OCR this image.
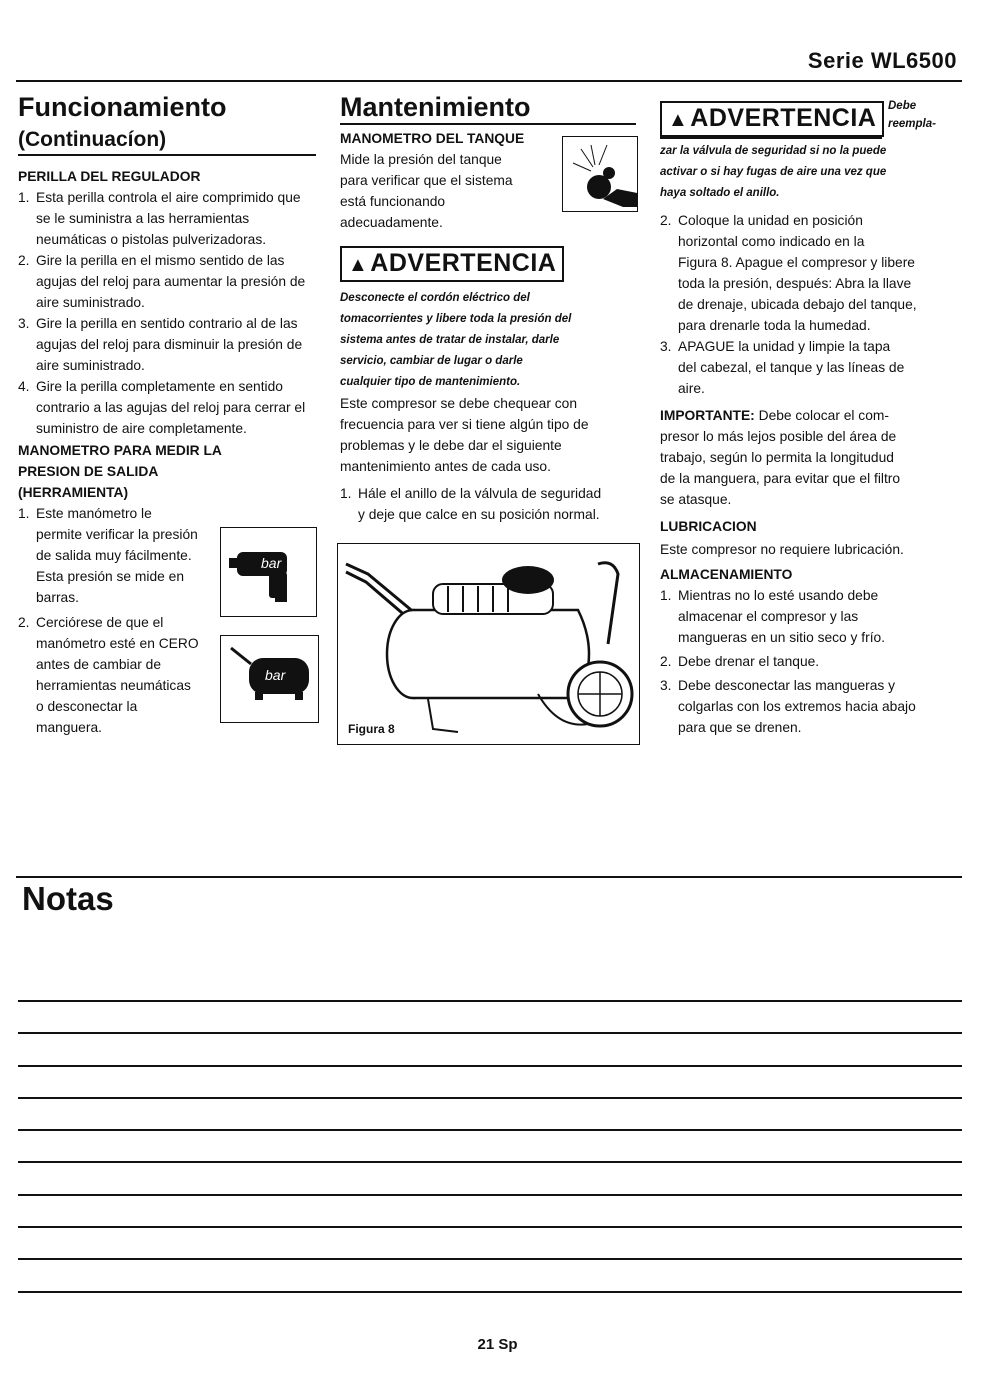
Serie WL6500
Funcionamiento
(Continuacíon)

PERILLA DEL REGULADOR

1. Esta perilla controla el aire comprimido que se le suministra a las herramientas neumáticas o pistolas pulverizadoras.
2. Gire la perilla en el mismo sentido de las agujas del reloj para aumentar la presión de aire suministrado.
3. Gire la perilla en sentido contrario al de las agujas del reloj para disminuir la presión de aire suministrado.
4. Gire la perilla completamente en sentido contrario a las agujas del reloj para cerrar el suministro de aire completamente.

MANOMETRO PARA MEDIR LA
PRESION DE SALIDA
(HERRAMIENTA)

1. Este manómetro le
permite verificar la presión
de salida muy fácilmente.
Esta presión se mide en
barras.
2. Cerciórese de que el
manómetro esté en CERO
antes de cambiar de
herramientas neumáticas
o desconectar la
manguera.
bar
bar
Mantenimiento

MANOMETRO DEL TANQUE

Mide la presión del tanque
para verificar que el sistema
está funcionando
adecuadamente.

▲ADVERTENCIA

Desconecte el cordón eléctrico del
tomacorrientes y libere toda la presión del
sistema antes de tratar de instalar, darle
servicio, cambiar de lugar o darle
cualquier tipo de mantenimiento.

Este compresor se debe chequear con
frecuencia para ver si tiene algún tipo de
problemas y le debe dar el siguiente
mantenimiento antes de cada uso.

1. Hále el anillo de la válvula de seguridad
y deje que calce en su posición normal.
Figura 8
▲ADVERTENCIA	Debe
reempla-

zar la válvula de seguridad si no la puede
activar o si hay fugas de aire una vez que
haya soltado el anillo.

2. Coloque la unidad en posición
horizontal como indicado en la
Figura 8. Apague el compresor y libere
toda la presión, después: Abra la llave
de drenaje, ubicada debajo del tanque,
para drenarle toda la humedad.
3. APAGUE la unidad y limpie la tapa
del cabezal, el tanque y las líneas de
aire.

IMPORTANTE: Debe colocar el com-
presor lo más lejos posible del área de
trabajo, según lo permita la longitudud
de la manguera, para evitar que el filtro
se atasque.

LUBRICACION

Este compresor no requiere lubricación.

ALMACENAMIENTO

1. Mientras no lo esté usando debe
almacenar el compresor y las
mangueras en un sitio seco y frío.
2. Debe drenar el tanque.
3. Debe desconectar las mangueras y
colgarlas con los extremos hacia abajo
para que se drenen.
Notas
21 Sp
